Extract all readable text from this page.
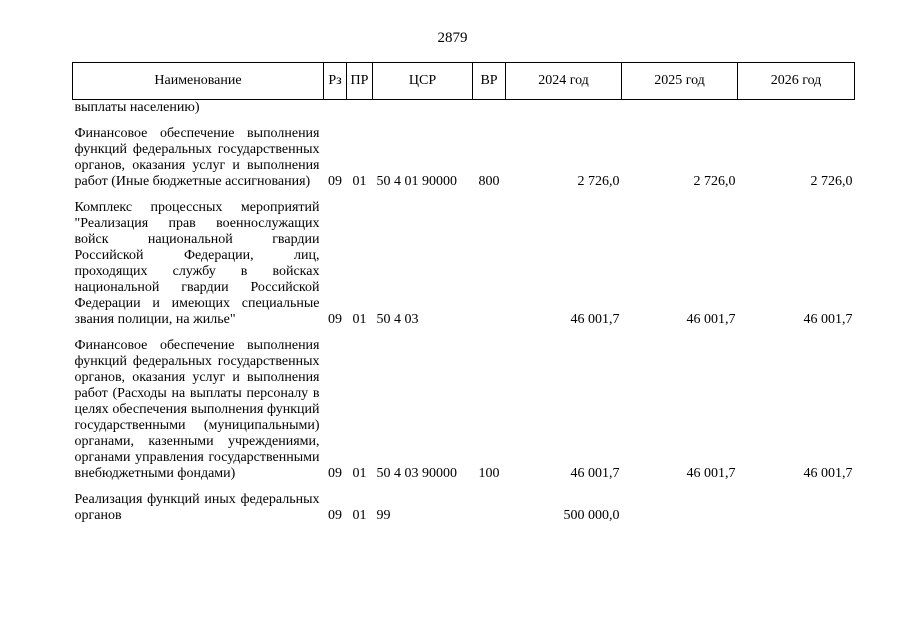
2879
Наименование	Рз	ПР	ЦСР	ВР	2024 год	2025 год	2026 год
выплаты населению)							

Финансовое обеспечение выполнения функций федеральных государственных органов, оказания услуг и выполнения работ (Иные бюджетные ассигнования)	09	01	50 4 01 90000	800	2 726,0	2 726,0	2 726,0

Комплекс процессных мероприятий "Реализация прав военнослужащих войск национальной гвардии Российской Федерации, лиц, проходящих службу в войсках национальной гвардии Российской Федерации и имеющих специальные звания полиции, на жилье"	09	01	50 4 03		46 001,7	46 001,7	46 001,7

Финансовое обеспечение выполнения функций федеральных государственных органов, оказания услуг и выполнения работ (Расходы на выплаты персоналу в целях обеспечения выполнения функций государственными (муниципальными) органами, казенными учреждениями, органами управления государственными внебюджетными фондами)	09	01	50 4 03 90000	100	46 001,7	46 001,7	46 001,7

Реализация функций иных федеральных органов	09	01	99		500 000,0		
